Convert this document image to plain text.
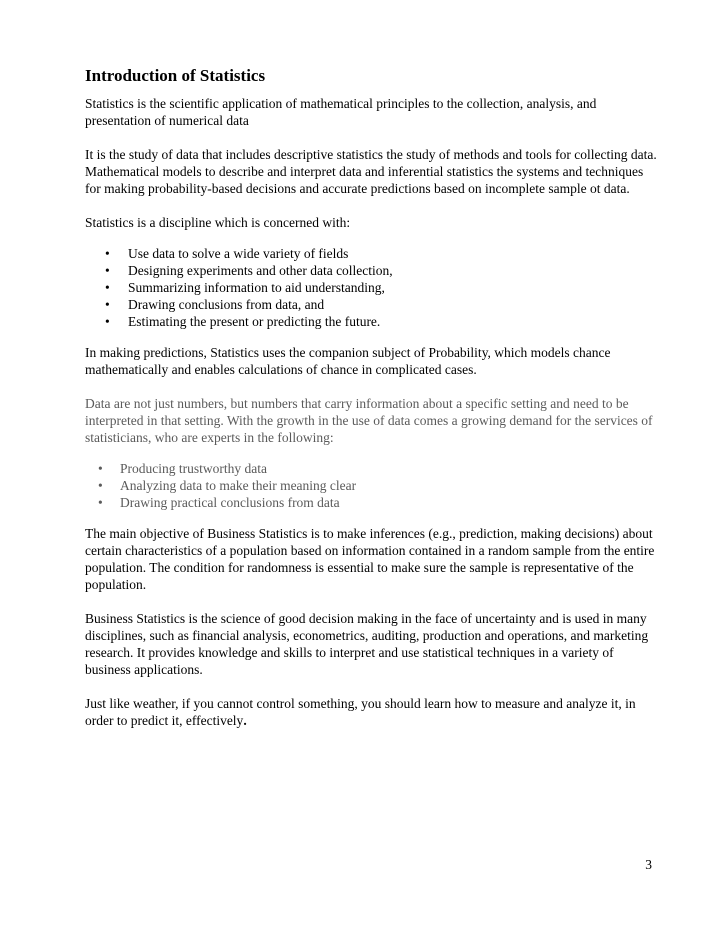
Introduction of Statistics

Statistics is the scientific application of mathematical principles to the collection, analysis, and presentation of numerical data

It is the study of data that includes descriptive statistics the study of methods and tools for collecting data. Mathematical models to describe and interpret data and inferential statistics the systems and techniques for making probability-based decisions and accurate predictions based on incomplete sample ot data.

Statistics is a discipline which is concerned with:

• Use data to solve a wide variety of fields
• Designing experiments and other data collection,
• Summarizing information to aid understanding,
• Drawing conclusions from data, and
• Estimating the present or predicting the future.

In making predictions, Statistics uses the companion subject of Probability, which models chance mathematically and enables calculations of chance in complicated cases.

Data are not just numbers, but numbers that carry information about a specific setting and need to be interpreted in that setting. With the growth in the use of data comes a growing demand for the services of statisticians, who are experts in the following:

• Producing trustworthy data
• Analyzing data to make their meaning clear
• Drawing practical conclusions from data

The main objective of Business Statistics is to make inferences (e.g., prediction, making decisions) about certain characteristics of a population based on information contained in a random sample from the entire population. The condition for randomness is essential to make sure the sample is representative of the population.

Business Statistics is the science of good decision making in the face of uncertainty and is used in many disciplines, such as financial analysis, econometrics, auditing, production and operations, and marketing research. It provides knowledge and skills to interpret and use statistical techniques in a variety of business applications.

Just like weather, if you cannot control something, you should learn how to measure and analyze it, in order to predict it, effectively.

3
